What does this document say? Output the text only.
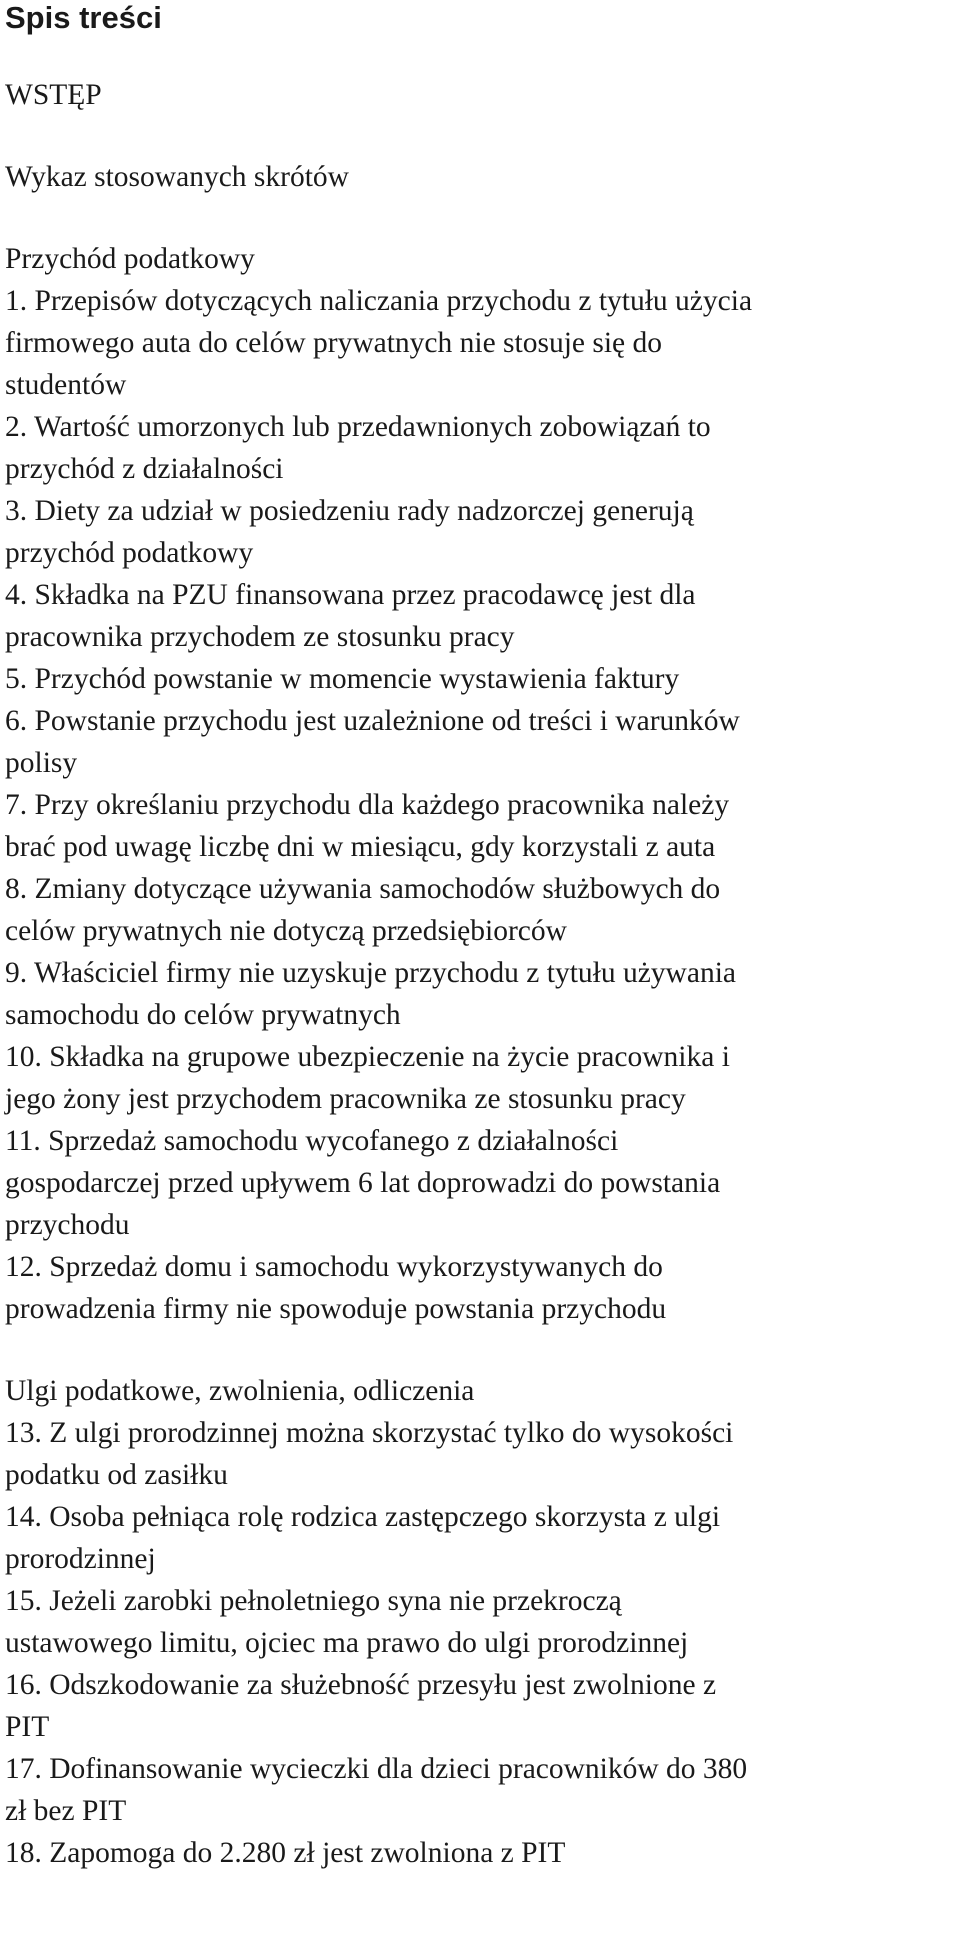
Spis treści
WSTĘP
Wykaz stosowanych skrótów
Przychód podatkowy
1. Przepisów dotyczących naliczania przychodu z tytułu użycia
firmowego auta do celów prywatnych nie stosuje się do
studentów
2. Wartość umorzonych lub przedawnionych zobowiązań to
przychód z działalności
3. Diety za udział w posiedzeniu rady nadzorczej generują
przychód podatkowy
4. Składka na PZU finansowana przez pracodawcę jest dla
pracownika przychodem ze stosunku pracy
5. Przychód powstanie w momencie wystawienia faktury
6. Powstanie przychodu jest uzależnione od treści i warunków
polisy
7. Przy określaniu przychodu dla każdego pracownika należy
brać pod uwagę liczbę dni w miesiącu, gdy korzystali z auta
8. Zmiany dotyczące używania samochodów służbowych do
celów prywatnych nie dotyczą przedsiębiorców
9. Właściciel firmy nie uzyskuje przychodu z tytułu używania
samochodu do celów prywatnych
10. Składka na grupowe ubezpieczenie na życie pracownika i
jego żony jest przychodem pracownika ze stosunku pracy
11. Sprzedaż samochodu wycofanego z działalności
gospodarczej przed upływem 6 lat doprowadzi do powstania
przychodu
12. Sprzedaż domu i samochodu wykorzystywanych do
prowadzenia firmy nie spowoduje powstania przychodu
Ulgi podatkowe, zwolnienia, odliczenia
13. Z ulgi prorodzinnej można skorzystać tylko do wysokości
podatku od zasiłku
14. Osoba pełniąca rolę rodzica zastępczego skorzysta z ulgi
prorodzinnej
15. Jeżeli zarobki pełnoletniego syna nie przekroczą
ustawowego limitu, ojciec ma prawo do ulgi prorodzinnej
16. Odszkodowanie za służebność przesyłu jest zwolnione z
PIT
17. Dofinansowanie wycieczki dla dzieci pracowników do 380
zł bez PIT
18. Zapomoga do 2.280 zł jest zwolniona z PIT
